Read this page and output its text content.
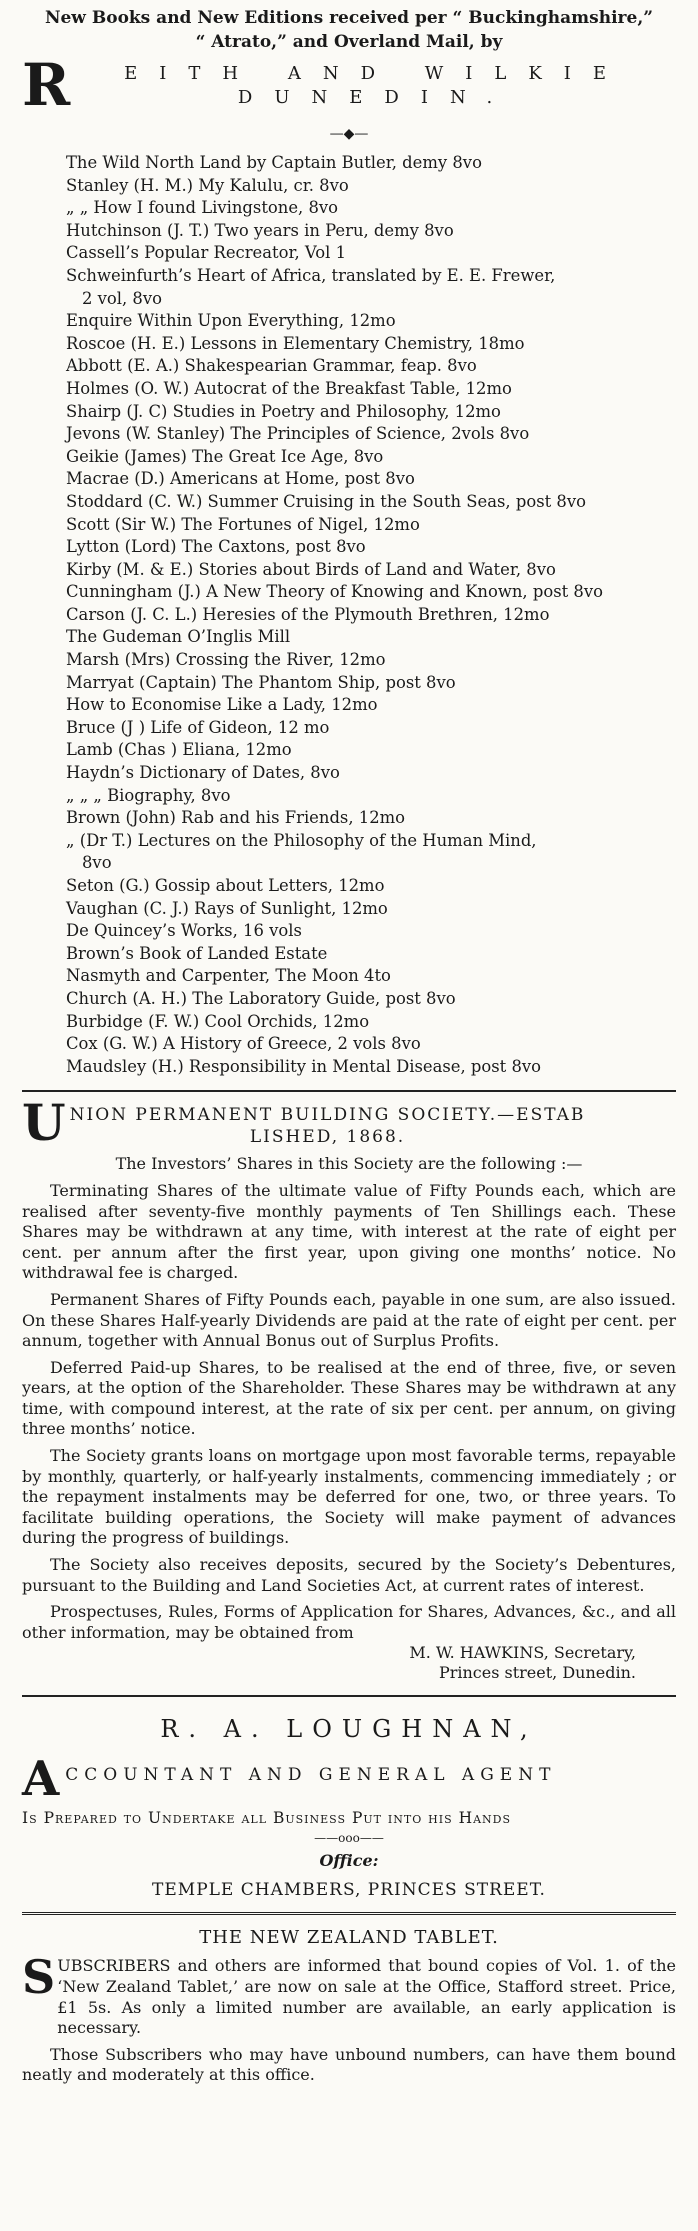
New Books and New Editions received per “ Buckinghamshire,”
“ Atrato,” and Overland Mail, by
R	EITH AND WILKIE
DUNEDIN.
—◆—
The Wild North Land by Captain Butler, demy 8vo
Stanley (H. M.) My Kalulu, cr. 8vo
„ „ How I found Livingstone, 8vo
Hutchinson (J. T.) Two years in Peru, demy 8vo
Cassell’s Popular Recreator, Vol 1
Schweinfurth’s Heart of Africa, translated by E. E. Frewer,
2 vol, 8vo
Enquire Within Upon Everything, 12mo
Roscoe (H. E.) Lessons in Elementary Chemistry, 18mo
Abbott (E. A.) Shakespearian Grammar, feap. 8vo
Holmes (O. W.) Autocrat of the Breakfast Table, 12mo
Shairp (J. C) Studies in Poetry and Philosophy, 12mo
Jevons (W. Stanley) The Principles of Science, 2vols 8vo
Geikie (James) The Great Ice Age, 8vo
Macrae (D.) Americans at Home, post 8vo
Stoddard (C. W.) Summer Cruising in the South Seas, post 8vo
Scott (Sir W.) The Fortunes of Nigel, 12mo
Lytton (Lord) The Caxtons, post 8vo
Kirby (M. & E.) Stories about Birds of Land and Water, 8vo
Cunningham (J.) A New Theory of Knowing and Known, post 8vo
Carson (J. C. L.) Heresies of the Plymouth Brethren, 12mo
The Gudeman O’Inglis Mill
Marsh (Mrs) Crossing the River, 12mo
Marryat (Captain) The Phantom Ship, post 8vo
How to Economise Like a Lady, 12mo
Bruce (J ) Life of Gideon, 12 mo
Lamb (Chas ) Eliana, 12mo
Haydn’s Dictionary of Dates, 8vo
„ „ „ Biography, 8vo
Brown (John) Rab and his Friends, 12mo
„ (Dr T.) Lectures on the Philosophy of the Human Mind,
8vo
Seton (G.) Gossip about Letters, 12mo
Vaughan (C. J.) Rays of Sunlight, 12mo
De Quincey’s Works, 16 vols
Brown’s Book of Landed Estate
Nasmyth and Carpenter, The Moon 4to
Church (A. H.) The Laboratory Guide, post 8vo
Burbidge (F. W.) Cool Orchids, 12mo
Cox (G. W.) A History of Greece, 2 vols 8vo
Maudsley (H.) Responsibility in Mental Disease, post 8vo
U NION PERMANENT BUILDING SOCIETY.—ESTAB
LISHED, 1868.

The Investors’ Shares in this Society are the following :—

Terminating Shares of the ultimate value of Fifty Pounds each, which are realised after seventy-five monthly payments of Ten Shillings each. These Shares may be withdrawn at any time, with interest at the rate of eight per cent. per annum after the first year, upon giving one months’ notice. No withdrawal fee is charged.

Permanent Shares of Fifty Pounds each, payable in one sum, are also issued. On these Shares Half-yearly Dividends are paid at the rate of eight per cent. per annum, together with Annual Bonus out of Surplus Profits.

Deferred Paid-up Shares, to be realised at the end of three, five, or seven years, at the option of the Shareholder. These Shares may be withdrawn at any time, with compound interest, at the rate of six per cent. per annum, on giving three months’ notice.

The Society grants loans on mortgage upon most favorable terms, repayable by monthly, quarterly, or half-yearly instalments, commencing immediately ; or the repayment instalments may be deferred for one, two, or three years. To facilitate building operations, the Society will make payment of advances during the progress of buildings.

The Society also receives deposits, secured by the Society’s Debentures, pursuant to the Building and Land Societies Act, at current rates of interest.

Prospectuses, Rules, Forms of Application for Shares, Advances, &c., and all other information, may be obtained from

M. W. HAWKINS, Secretary,
Princes street, Dunedin.
R. A. LOUGHNAN,
A CCOUNTANT AND GENERAL AGENT
Is Prepared to Undertake all Business Put into his Hands
——ooo——
Office:
TEMPLE CHAMBERS, PRINCES STREET.
THE NEW ZEALAND TABLET.
S UBSCRIBERS and others are informed that bound copies of Vol. 1. of the ‘New Zealand Tablet,’ are now on sale at the Office, Stafford street. Price, £1 5s. As only a limited number are available, an early application is necessary.

Those Subscribers who may have unbound numbers, can have them bound neatly and moderately at this office.
